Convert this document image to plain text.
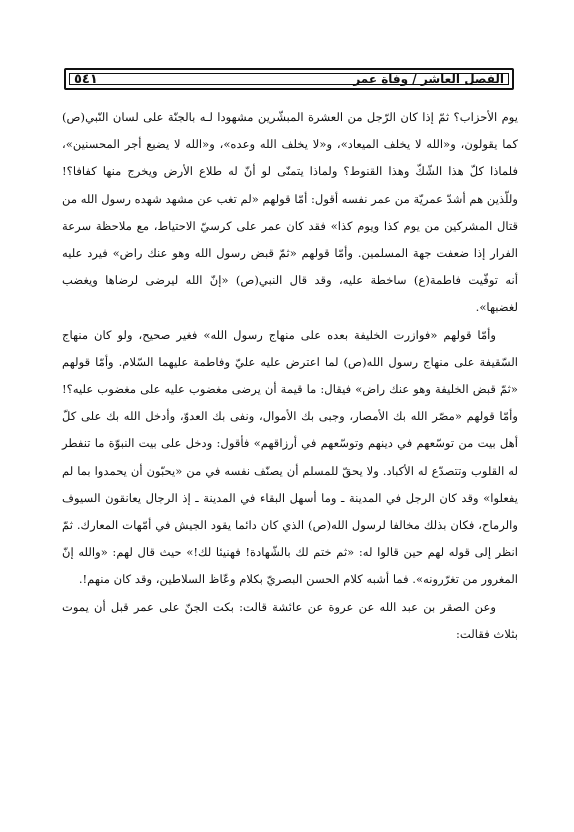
٥٤١	الفصل العاشر / وفاة عمر

يوم الأحزاب؟ ثمّ إذا كان الرّجل من العشرة المبشّرين مشهودا لـه بالجنّة على لسان النّبي(ص) كما يقولون، و«الله لا يخلف الميعاد»، و«لا يخلف الله وعده»، و«الله لا يضيع أجر المحسنين»، فلماذا كلّ هذا الشّكّ وهذا القنوط؟ ولماذا يتمنّى لو أنّ له طلاع الأرض ويخرج منها كفافا؟! وللّذين هم أشدّ عمريّة من عمر نفسه أقول: أمّا قولهم «لم تغب عن مشهد شهده رسول الله من قتال المشركين من يوم كذا ويوم كذا» فقد كان عمر على كرسيّ الاحتياط، مع ملاحظة سرعة الفرار إذا ضعفت جهة المسلمين. وأمّا قولهم «ثمّ قبض رسول الله وهو عنك راض» فيرد عليه أنه توفّيت فاطمة(ع) ساخطة عليه، وقد قال النبي(ص) «إنّ الله ليرضى لرضاها ويغضب لغضبها».

وأمّا قولهم «فوازرت الخليفة بعده على منهاج رسول الله» فغير صحيح، ولو كان منهاج السّقيفة على منهاج رسول الله(ص) لما اعترض عليه عليّ وفاطمة عليهما السّلام. وأمّا قولهم «ثمّ قبض الخليفة وهو عنك راض» فيقال: ما قيمة أن يرضى مغضوب عليه على مغضوب عليه؟! وأمّا قولهم «مصّر الله بك الأمصار، وجبى بك الأموال، ونفى بك العدوّ، وأدخل الله بك على كلّ أهل بيت من توسّعهم في دينهم وتوسّعهم في أرزاقهم» فأقول: ودخل على بيت النبوّة ما تنفطر له القلوب وتتصدّع له الأكباد. ولا يحقّ للمسلم أن يصنّف نفسه في من «يحبّون أن يحمدوا بما لم يفعلوا» وقد كان الرجل في المدينة ـ وما أسهل البقاء في المدينة ـ إذ الرجال يعانقون السيوف والرماح، فكان بذلك مخالفا لرسول الله(ص) الذي كان دائما يقود الجيش في أمّهات المعارك. ثمّ انظر إلى قوله لهم حين قالوا له: «ثم ختم لك بالشّهادة! فهنيئا لك!» حيث قال لهم: «والله إنّ المغرور من تغرّرونه». فما أشبه كلام الحسن البصريّ بكلام وعّاظ السلاطين، وقد كان منهم!.

وعن الصقر بن عبد الله عن عروة عن عائشة قالت: بكت الجنّ على عمر قبل أن يموت بثلاث فقالت:
